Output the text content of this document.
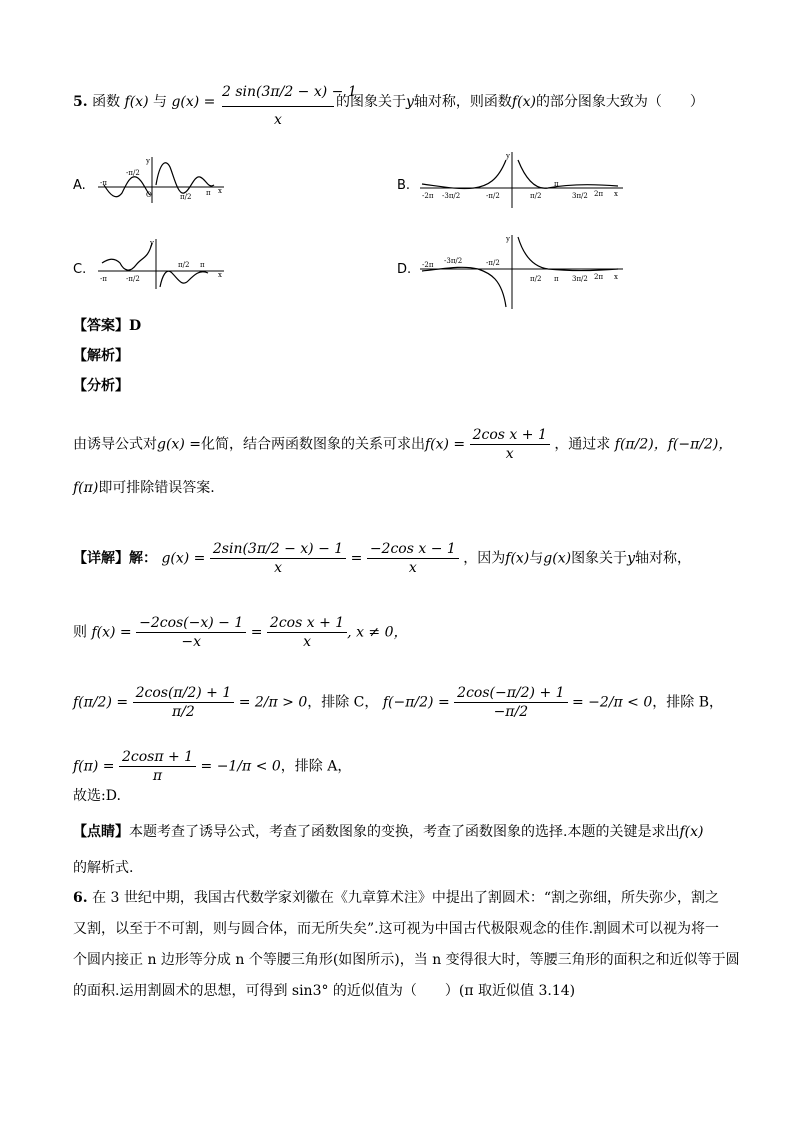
5. 函数 f(x) 与 $g(x) = \frac{2 \sin(3\pi/2 - x) - 1}{x}$ 的图象关于y轴对称，则函数f(x)的部分图象大致为（　　）
A. -π
-π/2
O	π/2 π x
y
B.
-2π -3π/2	-π/2	π/2
π
3π/2 2π x
y
C.
-π	-π/2
π/2 π
x
y
D. -2π -3π/2	-π/2
π/2 π 3π/2 2π x
y
【答案】D
【解析】
【分析】
由诱导公式对g(x) =化简，结合两函数图象的关系可求出$f(x) = \frac{\text{2cos x + 1}}{x}$ ，通过求 f(π/2)，f(−π/2)，
f(π)即可排除错误答案.
【详解】解： $g(x) = \frac{2\sin(3\pi/2 - x) - 1}{x} = \frac{\text{−2cos x − 1}}{x}$ ，因为f(x)与g(x)图象关于y轴对称，
则 $f(x) = \frac{-2\cos(-x) - 1}{-x} = \frac{\text{2cos x + 1}}{x}$ , x ≠ 0，
$f(\pi/2) = \frac{2\cos(\pi/2) + 1}{\pi/2} = 2/\pi > 0$，排除 C， $f(-\pi/2) = \frac{2\cos(-\pi/2) + 1}{-\pi/2} = -2/\pi < 0$，排除 B，
$f(\pi) = \frac{2\cos\pi + 1}{\pi} = -1/\pi < 0$，排除 A，
故选:D.
【点睛】本题考查了诱导公式，考查了函数图象的变换，考查了函数图象的选择.本题的关键是求出f(x)
的解析式.
6. 在 3 世纪中期，我国古代数学家刘徽在《九章算术注》中提出了割圆术：“割之弥细，所失弥少，割之
又割，以至于不可割，则与圆合体，而无所失矣”.这可视为中国古代极限观念的佳作.割圆术可以视为将一
个圆内接正 n 边形等分成 n 个等腰三角形(如图所示)，当 n 变得很大时，等腰三角形的面积之和近似等于圆
的面积.运用割圆术的思想，可得到 sin3° 的近似值为（　　）(π 取近似值 3.14)
